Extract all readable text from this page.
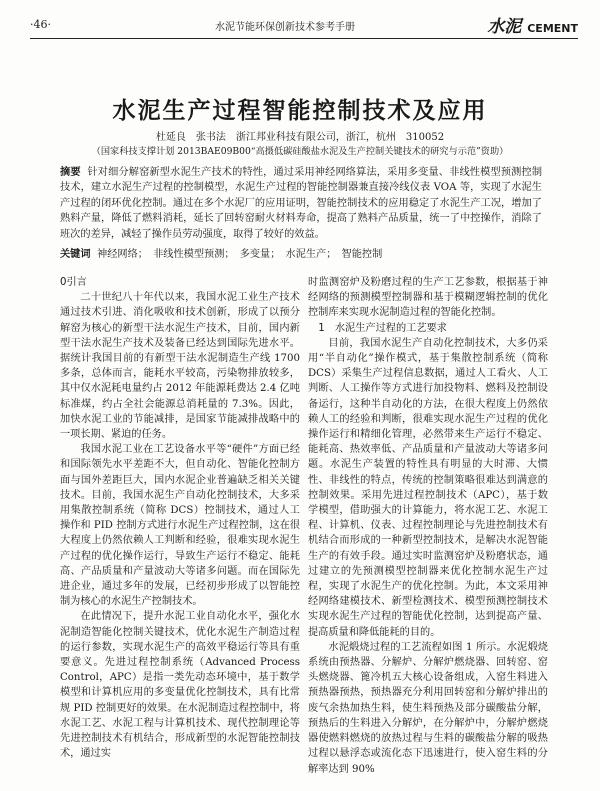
·46·	水泥节能环保创新技术参考手册	水泥 CEMENT
水泥生产过程智能控制技术及应用
杜延良　张书法　浙江邦业科技有限公司，浙江，杭州　310052
（国家科技支撑计划 2013BAE09B00“高摄低碳硅酸盐水泥及生产控制关键技术的研究与示范”资助）
摘要 针对细分解窑新型水泥生产技术的特性，通过采用神经网络算法，采用多变量、非线性模型预测控制技术，建立水泥生产过程的控制模型，水泥生产过程的智能控制器兼直接冷线仪表 VOA 等，实现了水泥生产过程的闭环优化控制。通过在多个水泥厂的应用证明，智能控制技术的应用稳定了水泥生产工况，增加了熟料产量，降低了燃料消耗，延长了回转窑耐火材料寿命，提高了熟料产品质量，统一了中控操作，消除了班次的差异，减轻了操作员劳动强度，取得了较好的效益。
关键词 神经网络；　非线性模型预测；　多变量；　水泥生产；　智能控制
0引言

二十世纪八十年代以来，我国水泥工业生产技术通过技术引进、消化吸收和技术创新，形成了以预分解窑为核心的新型干法水泥生产技术，目前，国内新型干法水泥生产技术及装备已经达到国际先进水平。据统计我国目前的有新型干法水泥制造生产线 1700 多条，总体而言，能耗水平较高，污染物排放较多，其中仅水泥耗电量约占 2012 年能源耗费达 2.4 亿吨标准煤，约占全社会能源总消耗量的 7.3%。因此，加快水泥工业的节能减排，是国家节能减排战略中的一项长期、紧迫的任务。

我国水泥工业在工艺设备水平等“硬件”方面已经和国际领先水平差距不大，但自动化、智能化控制方面与国外差距巨大，国内水泥企业普遍缺乏相关关键技术。目前，我国水泥生产自动化控制技术，大多采用集散控制系统（简称 DCS）控制技术，通过人工操作和 PID 控制方式进行水泥生产过程控制，这在很大程度上仍然依赖人工判断和经验，很难实现水泥生产过程的优化操作运行，导致生产运行不稳定、能耗高、产品质量和产量波动大等诸多问题。而在国际先进企业，通过多年的发展，已经初步形成了以智能控制为核心的水泥生产控制技术。

在此情况下，提升水泥工业自动化水平，强化水泥制造智能化控制关键技术，优化水泥生产制造过程的运行参数，实现水泥生产的高效平稳运行等具有重要意义。先进过程控制系统（Advanced Process Control，APC）是指一类先动态环境中，基于数学模型和计算机应用的多变量优化控制技术，具有比常规 PID 控制更好的效果。在水泥制造过程控制中，将水泥工艺、水泥工程与计算机技术、现代控制理论等先进控制技术有机结合，形成新型的水泥智能控制技术，通过实

时监测窑炉及粉磨过程的生产工艺参数，根据基于神经网络的预测模型控制器和基于模糊逻辑控制的优化控制库来实现水泥制造过程的智能化控制。

1　水泥生产过程的工艺要求

目前，我国水泥生产自动化控制技术，大多仍采用“半自动化”操作模式，基于集散控制系统（简称 DCS）采集生产过程信息数据，通过人工看火、人工判断、人工操作等方式进行加投物料、燃料及控制设备运行，这种半自动化的方法，在很大程度上仍然依赖人工的经验和判断，很难实现水泥生产过程的优化操作运行和精细化管理，必然带来生产运行不稳定、能耗高、热效率低、产品质量和产量波动大等诸多问题。水泥生产装置的特性具有明显的大时滞、大惯性、非线性的特点，传统的控制策略很难达到满意的控制效果。采用先进过程控制技术（APC），基于数学模型，借助强大的计算能力，将水泥工艺、水泥工程、计算机、仪表、过程控制理论与先进控制技术有机结合而形成的一种新型控制技术，是解决水泥智能生产的有效手段。通过实时监测窑炉及粉磨状态，通过建立的先预测模型控制器来优化控制水泥生产过程，实现了水泥生产的优化控制。为此，本文采用神经网络建模技术、新型检测技术、模型预测控制技术实现水泥生产过程的智能优化控制，达到提高产量、提高质量和降低能耗的目的。

水泥煅烧过程的工艺流程如图 1 所示。水泥煅烧系统由预热器、分解炉、分解炉燃烧器、回转窑、窑头燃烧器、篦冷机五大核心设备组成，入窑生料进入预热器预热，预热器充分利用回转窑和分解炉排出的废气余热加热生料，使生料预热及部分碳酸盐分解，预热后的生料进入分解炉，在分解炉中，分解炉燃烧器使燃料燃烧的放热过程与生料的碳酸盐分解的吸热过程以悬浮态或流化态下迅速进行，使入窑生料的分解率达到 90%
